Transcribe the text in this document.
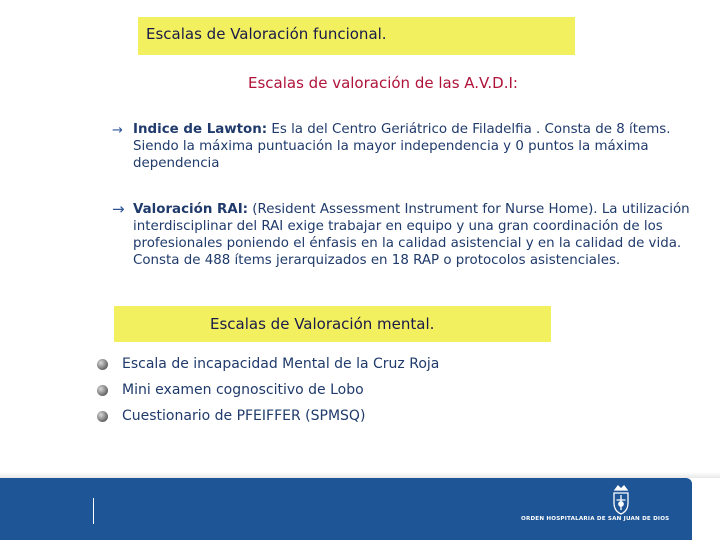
Escalas de Valoración funcional.
Escalas de valoración de las A.V.D.I:
→ Indice de Lawton: Es la del Centro Geriátrico de Filadelfia . Consta de 8 ítems. Siendo la máxima puntuación la mayor independencia y 0 puntos la máxima dependencia
→ Valoración RAI: (Resident Assessment Instrument for Nurse Home). La utilización interdisciplinar del RAI exige trabajar en equipo y una gran coordinación de los profesionales poniendo el énfasis en la calidad asistencial y en la calidad de vida. Consta de 488 ítems jerarquizados en 18 RAP o protocolos asistenciales.
Escalas de Valoración mental.
Escala de incapacidad Mental de la Cruz Roja
Mini examen cognoscitivo de Lobo
Cuestionario de PFEIFFER (SPMSQ)
ORDEN HOSPITALARIA DE SAN JUAN DE DIOS
